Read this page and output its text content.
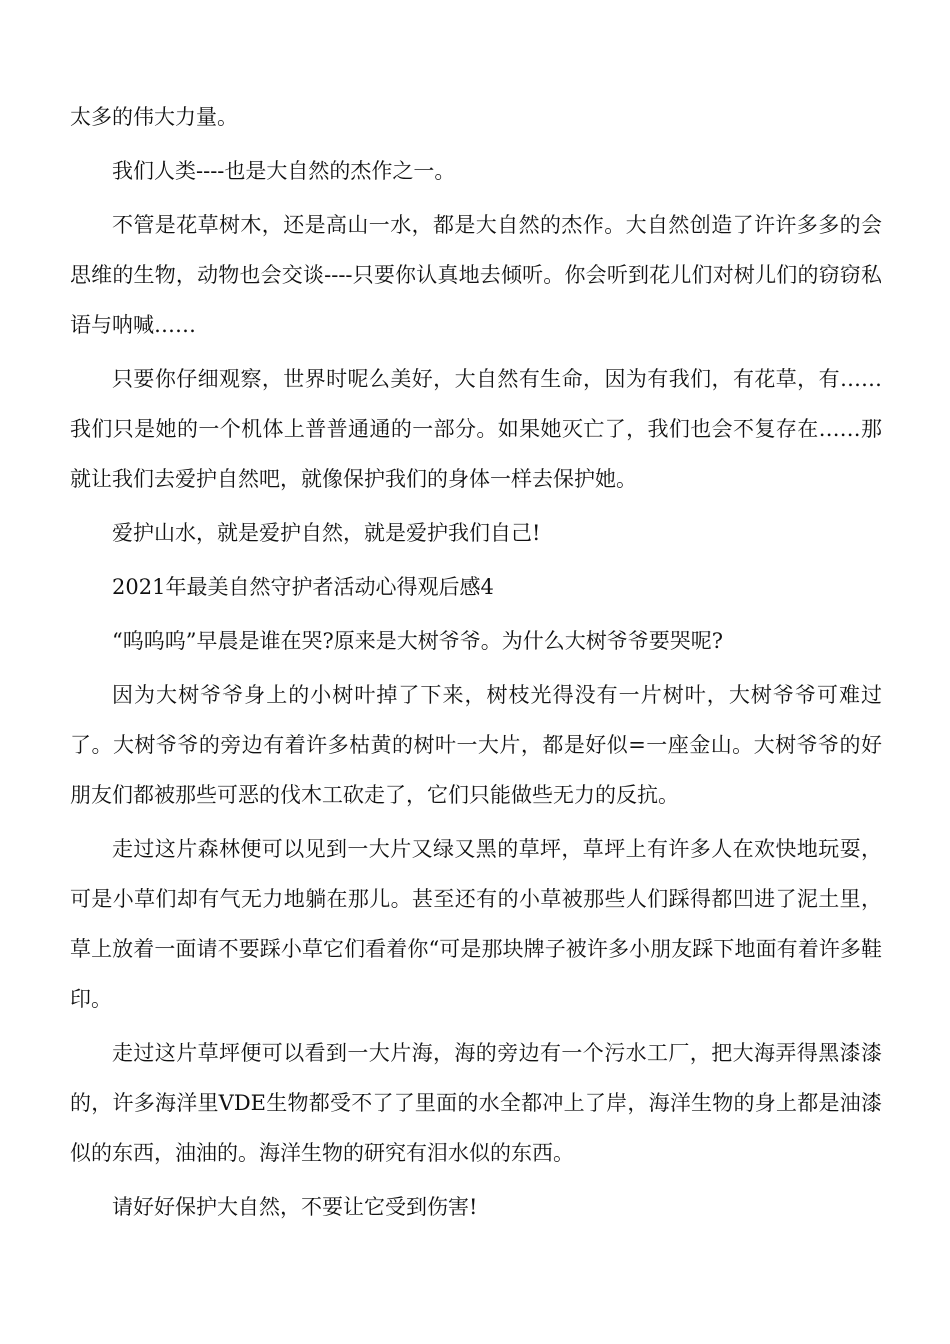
太多的伟大力量。

我们人类----也是大自然的杰作之一。

不管是花草树木，还是高山一水，都是大自然的杰作。大自然创造了许许多多的会思维的生物，动物也会交谈----只要你认真地去倾听。你会听到花儿们对树儿们的窃窃私语与呐喊……

只要你仔细观察，世界时呢么美好，大自然有生命，因为有我们，有花草，有……我们只是她的一个机体上普普通通的一部分。如果她灭亡了，我们也会不复存在……那就让我们去爱护自然吧，就像保护我们的身体一样去保护她。

爱护山水，就是爱护自然，就是爱护我们自己!

2021年最美自然守护者活动心得观后感4

“呜呜呜”早晨是谁在哭?原来是大树爷爷。为什么大树爷爷要哭呢?

因为大树爷爷身上的小树叶掉了下来，树枝光得没有一片树叶，大树爷爷可难过了。大树爷爷的旁边有着许多枯黄的树叶一大片，都是好似=一座金山。大树爷爷的好朋友们都被那些可恶的伐木工砍走了，它们只能做些无力的反抗。

走过这片森林便可以见到一大片又绿又黑的草坪，草坪上有许多人在欢快地玩耍，可是小草们却有气无力地躺在那儿。甚至还有的小草被那些人们踩得都凹进了泥土里，草上放着一面请不要踩小草它们看着你“可是那块牌子被许多小朋友踩下地面有着许多鞋印。

走过这片草坪便可以看到一大片海，海的旁边有一个污水工厂，把大海弄得黑漆漆的，许多海洋里VDE生物都受不了了里面的水全都冲上了岸，海洋生物的身上都是油漆似的东西，油油的。海洋生物的研究有泪水似的东西。

请好好保护大自然，不要让它受到伤害!
